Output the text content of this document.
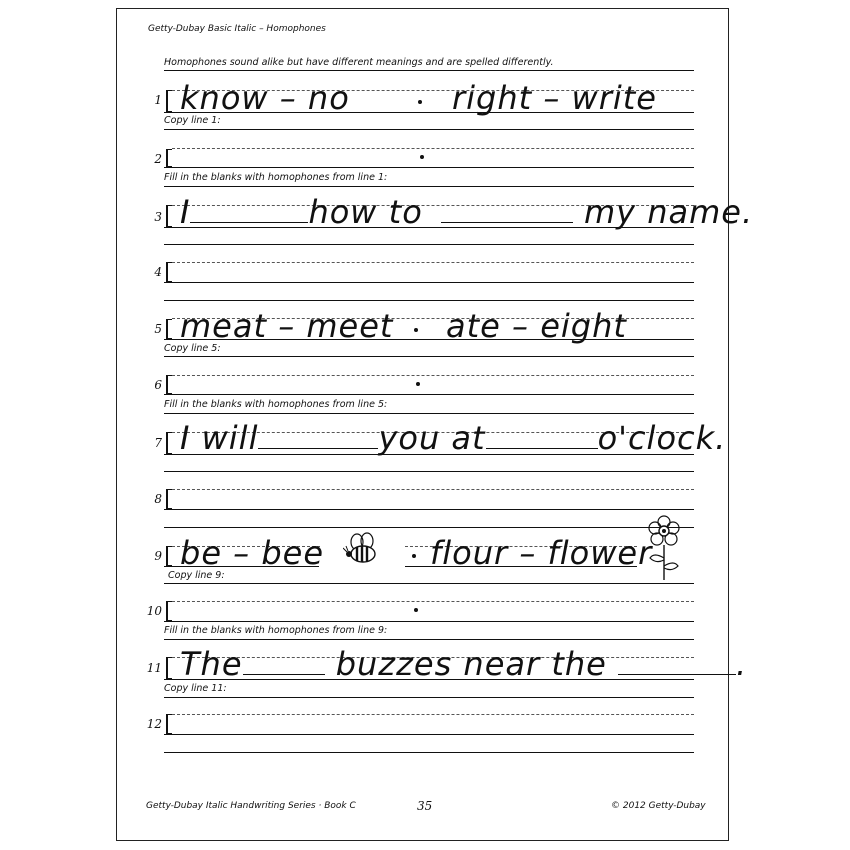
Getty-Dubay Basic Italic – Homophones
Homophones sound alike but have different meanings and are spelled differently.
1 know – no	right – write
Copy line 1:
2
Fill in the blanks with homophones from line 1:
3 I	how to	my name.
4
5 meat – meet ate – eight
Copy line 5:
6
Fill in the blanks with homophones from line 5:
7 I will	you at	o'clock.
8
9 be – bee	flour – flower
Copy line 9:
10
Fill in the blanks with homophones from line 9:
11 The	buzzes near the	.
Copy line 11:
12
Getty-Dubay Italic Handwriting Series · Book C	35	© 2012 Getty-Dubay
